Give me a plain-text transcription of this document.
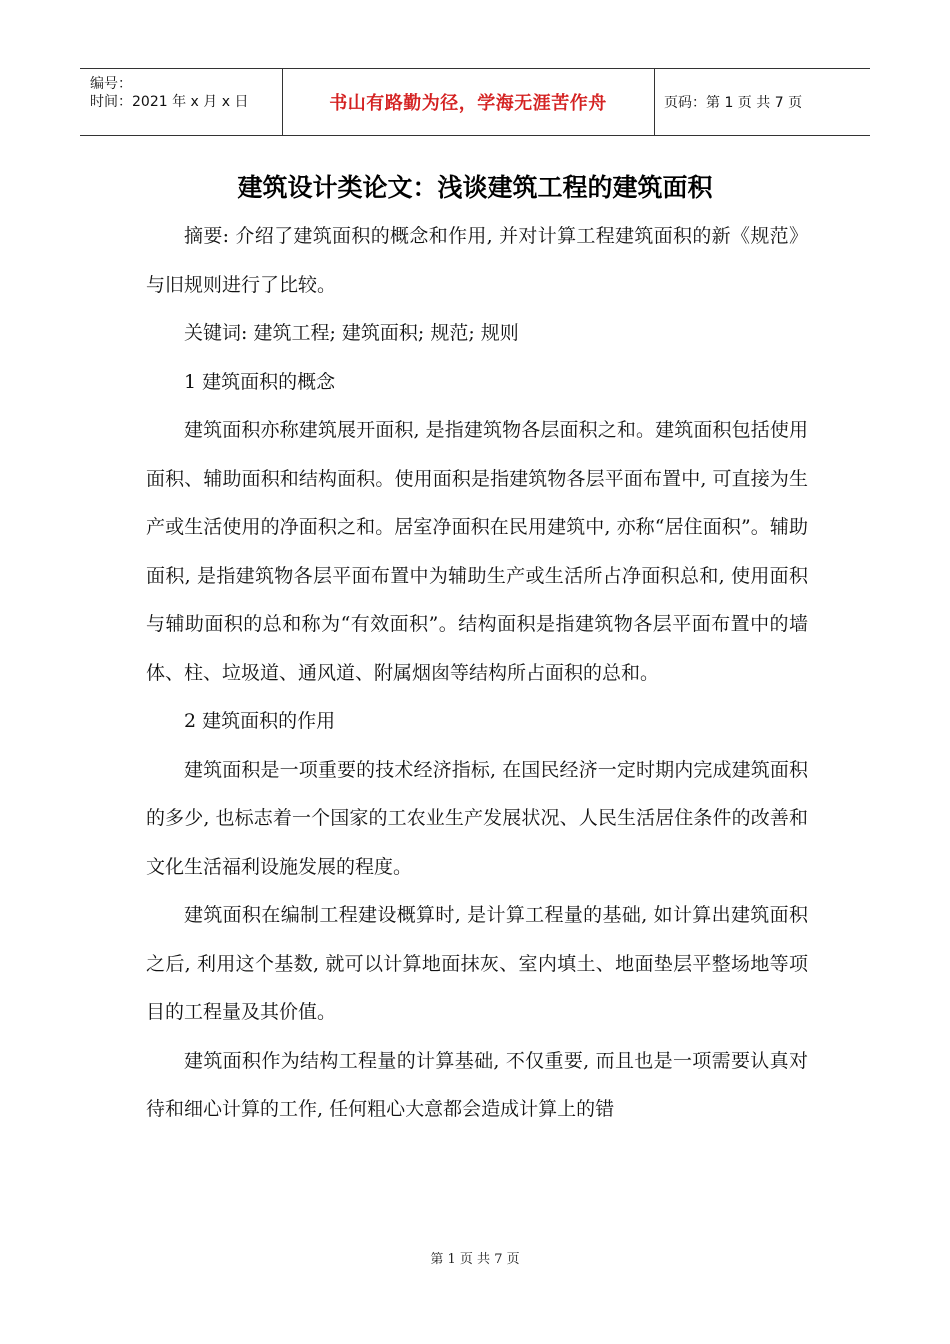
编号：
时间：2021 年 x 月 x 日	书山有路勤为径，学海无涯苦作舟	页码：第 1 页 共 7 页
建筑设计类论文：浅谈建筑工程的建筑面积

摘要: 介绍了建筑面积的概念和作用, 并对计算工程建筑面积的新《规范》与旧规则进行了比较。

关键词: 建筑工程; 建筑面积; 规范; 规则

1 建筑面积的概念

建筑面积亦称建筑展开面积, 是指建筑物各层面积之和。建筑面积包括使用面积、辅助面积和结构面积。使用面积是指建筑物各层平面布置中, 可直接为生产或生活使用的净面积之和。居室净面积在民用建筑中, 亦称“居住面积”。辅助面积, 是指建筑物各层平面布置中为辅助生产或生活所占净面积总和, 使用面积与辅助面积的总和称为“有效面积”。结构面积是指建筑物各层平面布置中的墙体、柱、垃圾道、通风道、附属烟囱等结构所占面积的总和。

2 建筑面积的作用

建筑面积是一项重要的技术经济指标, 在国民经济一定时期内完成建筑面积的多少, 也标志着一个国家的工农业生产发展状况、人民生活居住条件的改善和文化生活福利设施发展的程度。

建筑面积在编制工程建设概算时, 是计算工程量的基础, 如计算出建筑面积之后, 利用这个基数, 就可以计算地面抹灰、室内填土、地面垫层平整场地等项目的工程量及其价值。

建筑面积作为结构工程量的计算基础, 不仅重要, 而且也是一项需要认真对待和细心计算的工作, 任何粗心大意都会造成计算上的错

第 1 页 共 7 页
